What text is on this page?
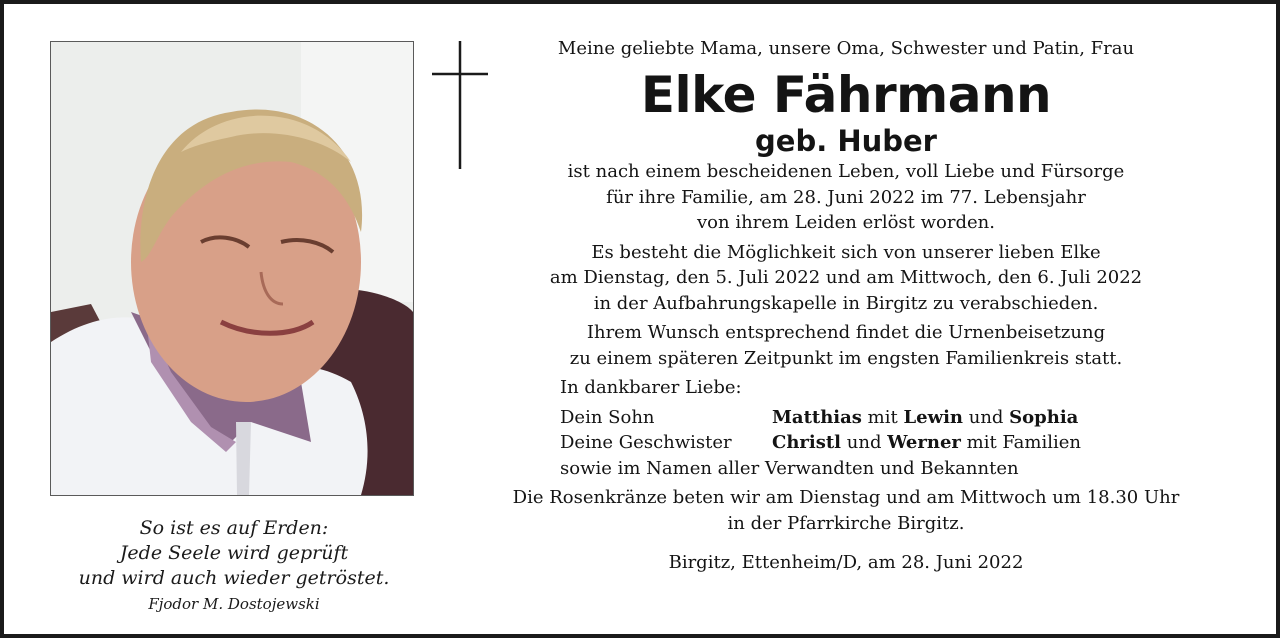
So ist es auf Erden:
Jede Seele wird geprüft
und wird auch wieder getröstet.
Fjodor M. Dostojewski
Meine geliebte Mama, unsere Oma, Schwester und Patin, Frau
Elke Fährmann
geb. Huber
ist nach einem bescheidenen Leben, voll Liebe und Fürsorge
für ihre Familie, am 28. Juni 2022 im 77. Lebensjahr
von ihrem Leiden erlöst worden.
Es besteht die Möglichkeit sich von unserer lieben Elke
am Dienstag, den 5. Juli 2022 und am Mittwoch, den 6. Juli 2022
in der Aufbahrungskapelle in Birgitz zu verabschieden.
Ihrem Wunsch entsprechend findet die Urnenbeisetzung
zu einem späteren Zeitpunkt im engsten Familienkreis statt.
In dankbarer Liebe:
Dein Sohn	Matthias mit Lewin und Sophia
Deine Geschwister	Christl und Werner mit Familien
sowie im Namen aller Verwandten und Bekannten
Die Rosenkränze beten wir am Dienstag und am Mittwoch um 18.30 Uhr
in der Pfarrkirche Birgitz.
Birgitz, Ettenheim/D, am 28. Juni 2022
